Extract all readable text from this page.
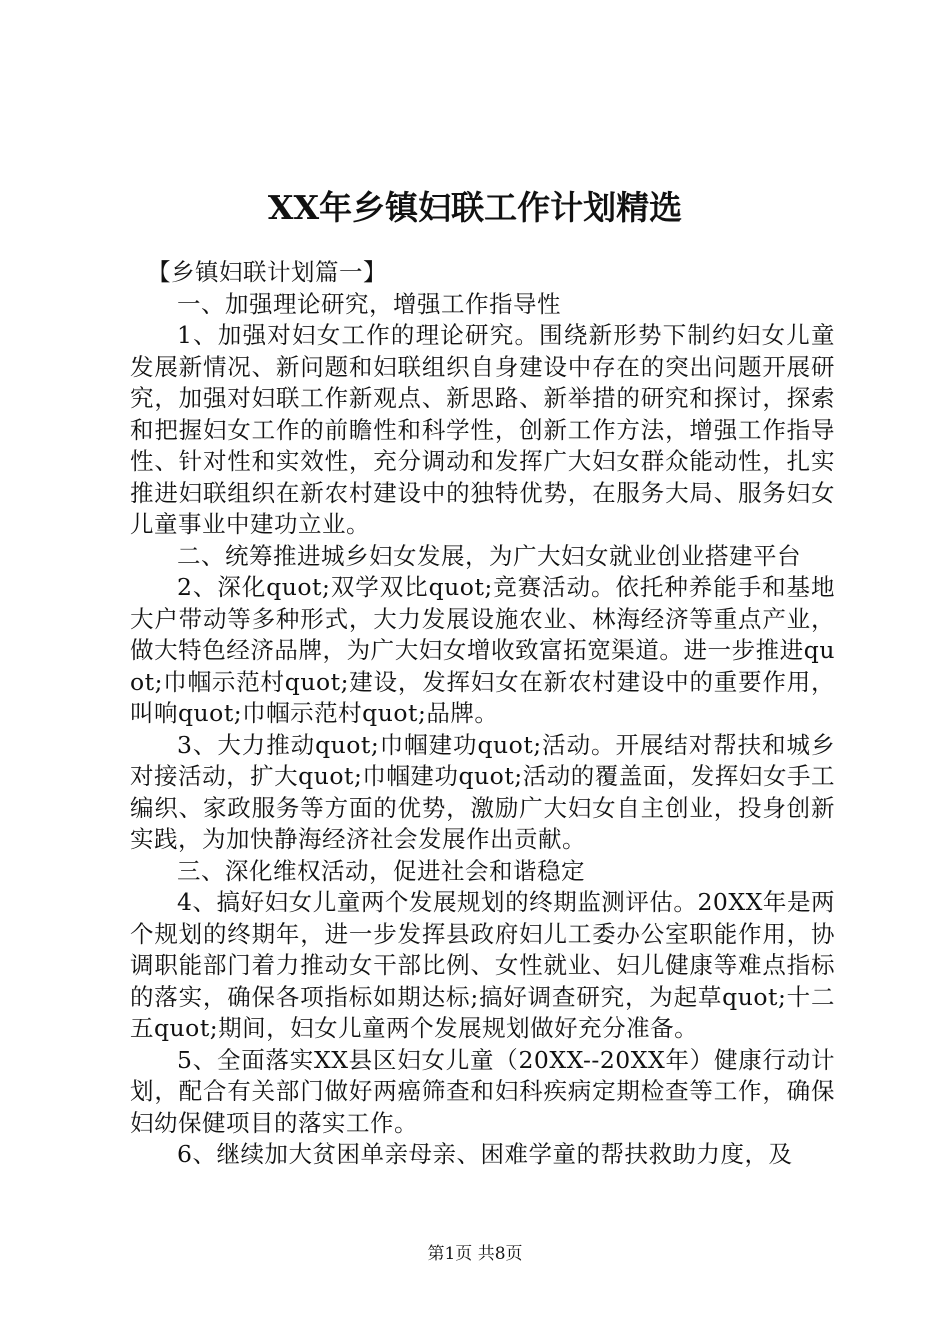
XX年乡镇妇联工作计划精选

【乡镇妇联计划篇一】

一、加强理论研究，增强工作指导性

1、加强对妇女工作的理论研究。围绕新形势下制约妇女儿童发展新情况、新问题和妇联组织自身建设中存在的突出问题开展研究，加强对妇联工作新观点、新思路、新举措的研究和探讨，探索和把握妇女工作的前瞻性和科学性，创新工作方法，增强工作指导性、针对性和实效性，充分调动和发挥广大妇女群众能动性，扎实推进妇联组织在新农村建设中的独特优势，在服务大局、服务妇女儿童事业中建功立业。

二、统筹推进城乡妇女发展，为广大妇女就业创业搭建平台

2、深化quot;双学双比quot;竞赛活动。依托种养能手和基地大户带动等多种形式，大力发展设施农业、林海经济等重点产业，做大特色经济品牌，为广大妇女增收致富拓宽渠道。进一步推进quot;巾帼示范村quot;建设，发挥妇女在新农村建设中的重要作用，叫响quot;巾帼示范村quot;品牌。

3、大力推动quot;巾帼建功quot;活动。开展结对帮扶和城乡对接活动，扩大quot;巾帼建功quot;活动的覆盖面，发挥妇女手工编织、家政服务等方面的优势，激励广大妇女自主创业，投身创新实践，为加快静海经济社会发展作出贡献。

三、深化维权活动，促进社会和谐稳定

4、搞好妇女儿童两个发展规划的终期监测评估。20XX年是两个规划的终期年，进一步发挥县政府妇儿工委办公室职能作用，协调职能部门着力推动女干部比例、女性就业、妇儿健康等难点指标的落实，确保各项指标如期达标;搞好调查研究，为起草quot;十二五quot;期间，妇女儿童两个发展规划做好充分准备。

5、全面落实XX县区妇女儿童（20XX--20XX年）健康行动计划，配合有关部门做好两癌筛查和妇科疾病定期检查等工作，确保妇幼保健项目的落实工作。

6、继续加大贫困单亲母亲、困难学童的帮扶救助力度，及

第1页 共8页
